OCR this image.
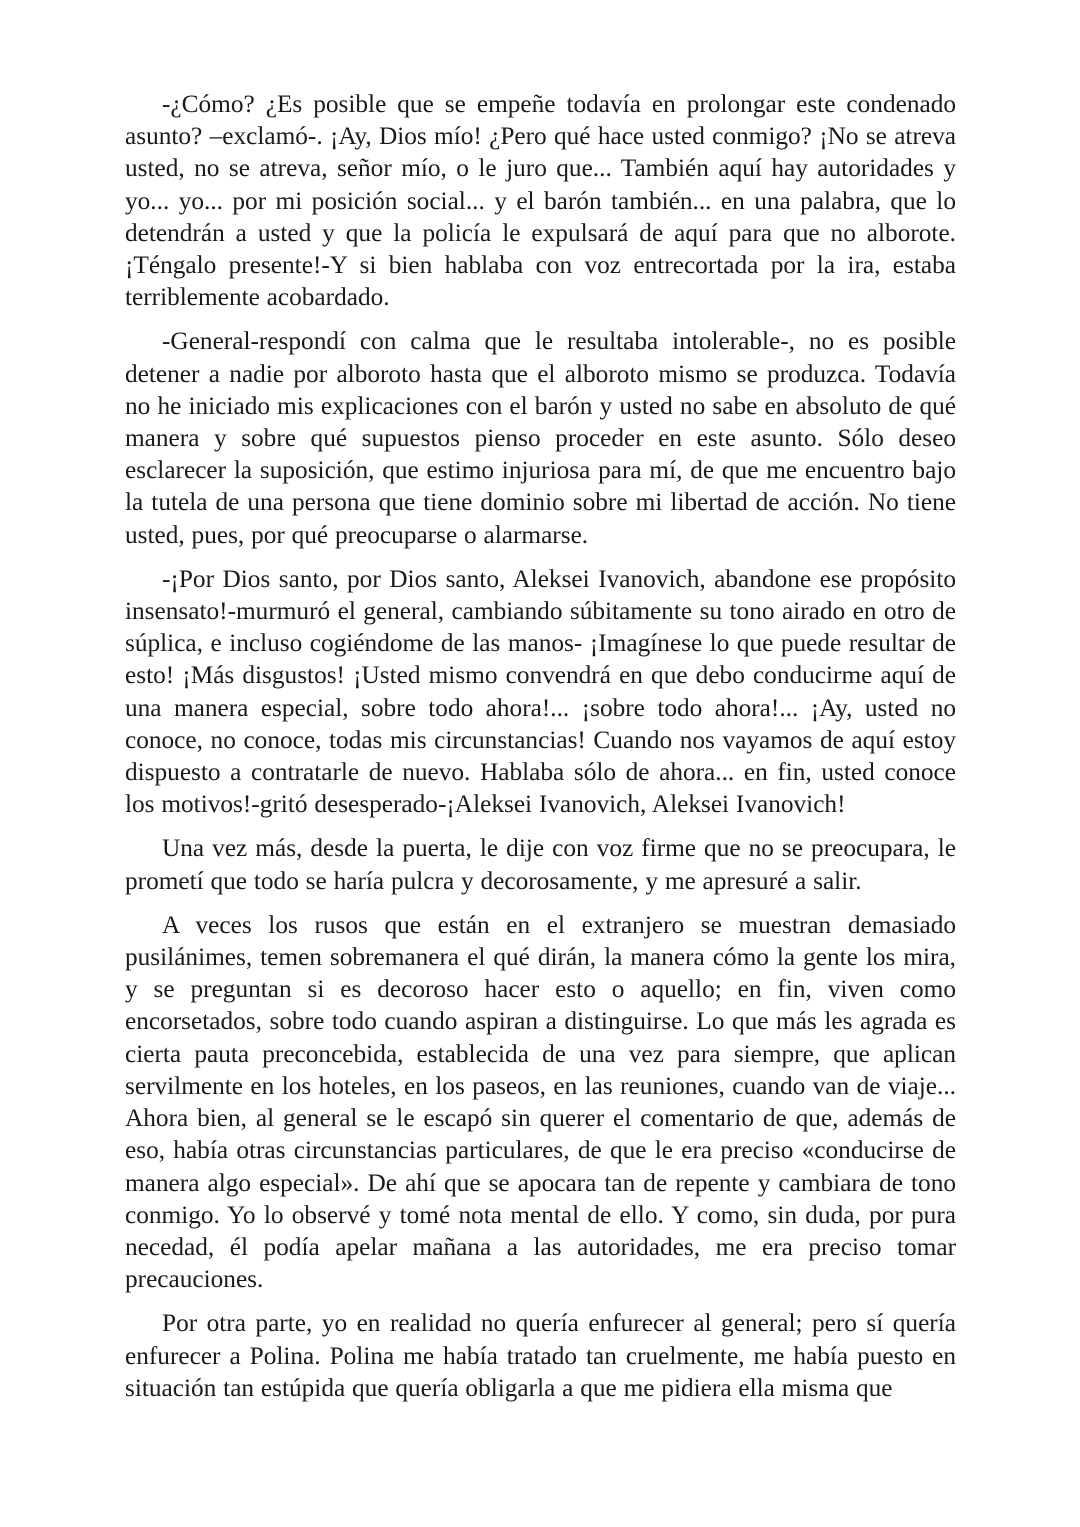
-¿Cómo? ¿Es posible que se empeñe todavía en prolongar este condenado asunto? –exclamó-. ¡Ay, Dios mío! ¿Pero qué hace usted conmigo? ¡No se atreva usted, no se atreva, señor mío, o le juro que... También aquí hay autoridades y yo... yo... por mi posición social... y el barón también... en una palabra, que lo detendrán a usted y que la policía le expulsará de aquí para que no alborote. ¡Téngalo presente!-Y si bien hablaba con voz entrecortada por la ira, estaba terriblemente acobardado.

-General-respondí con calma que le resultaba intolerable-, no es posible detener a nadie por alboroto hasta que el alboroto mismo se produzca. Todavía no he iniciado mis explicaciones con el barón y usted no sabe en absoluto de qué manera y sobre qué supuestos pienso proceder en este asunto. Sólo deseo esclarecer la suposición, que estimo injuriosa para mí, de que me encuentro bajo la tutela de una persona que tiene dominio sobre mi libertad de acción. No tiene usted, pues, por qué preocuparse o alarmarse.

-¡Por Dios santo, por Dios santo, Aleksei Ivanovich, abandone ese propósito insensato!-murmuró el general, cambiando súbitamente su tono airado en otro de súplica, e incluso cogiéndome de las manos- ¡Imagínese lo que puede resultar de esto! ¡Más disgustos! ¡Usted mismo convendrá en que debo conducirme aquí de una manera especial, sobre todo ahora!... ¡sobre todo ahora!... ¡Ay, usted no conoce, no conoce, todas mis circunstancias! Cuando nos vayamos de aquí estoy dispuesto a contratarle de nuevo. Hablaba sólo de ahora... en fin, usted conoce los motivos!-gritó desesperado-¡Aleksei Ivanovich, Aleksei Ivanovich!

Una vez más, desde la puerta, le dije con voz firme que no se preocupara, le prometí que todo se haría pulcra y decorosamente, y me apresuré a salir.

A veces los rusos que están en el extranjero se muestran demasiado pusilánimes, temen sobremanera el qué dirán, la manera cómo la gente los mira, y se preguntan si es decoroso hacer esto o aquello; en fin, viven como encorsetados, sobre todo cuando aspiran a distinguirse. Lo que más les agrada es cierta pauta preconcebida, establecida de una vez para siempre, que aplican servilmente en los hoteles, en los paseos, en las reuniones, cuando van de viaje... Ahora bien, al general se le escapó sin querer el comentario de que, además de eso, había otras circunstancias particulares, de que le era preciso «conducirse de manera algo especial». De ahí que se apocara tan de repente y cambiara de tono conmigo. Yo lo observé y tomé nota mental de ello. Y como, sin duda, por pura necedad, él podía apelar mañana a las autoridades, me era preciso tomar precauciones.

Por otra parte, yo en realidad no quería enfurecer al general; pero sí quería enfurecer a Polina. Polina me había tratado tan cruelmente, me había puesto en situación tan estúpida que quería obligarla a que me pidiera ella misma que
